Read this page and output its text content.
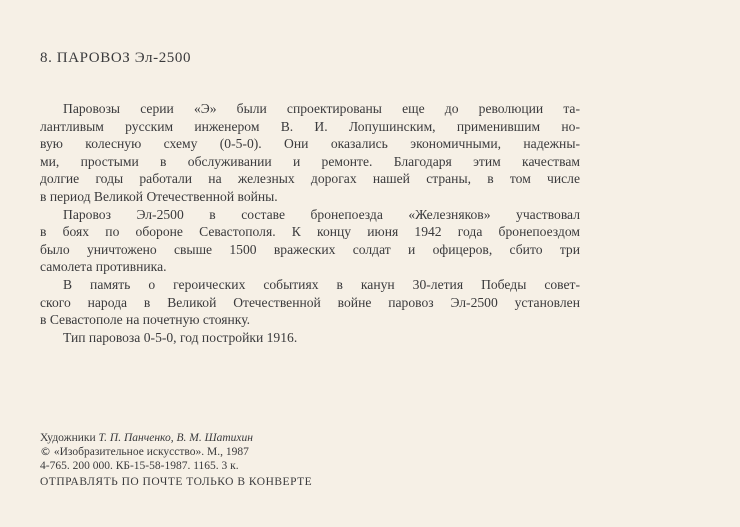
8. ПАРОВОЗ Эл-2500
Паровозы серии «Э» были спроектированы еще до революции та-
лантливым русским инженером В. И. Лопушинским, применившим но-
вую колесную схему (0-5-0). Они оказались экономичными, надежны-
ми, простыми в обслуживании и ремонте. Благодаря этим качествам
долгие годы работали на железных дорогах нашей страны, в том числе
в период Великой Отечественной войны.
Паровоз Эл-2500 в составе бронепоезда «Железняков» участвовал
в боях по обороне Севастополя. К концу июня 1942 года бронепоездом
было уничтожено свыше 1500 вражеских солдат и офицеров, сбито три
самолета противника.
В память о героических событиях в канун 30-летия Победы совет-
ского народа в Великой Отечественной войне паровоз Эл-2500 установлен
в Севастополе на почетную стоянку.
Тип паровоза 0-5-0, год постройки 1916.
Художники Т. П. Панченко, В. М. Шатихин
© «Изобразительное искусство». М., 1987
4-765. 200 000. КБ-15-58-1987. 1165. 3 к.
ОТПРАВЛЯТЬ ПО ПОЧТЕ ТОЛЬКО В КОНВЕРТЕ
